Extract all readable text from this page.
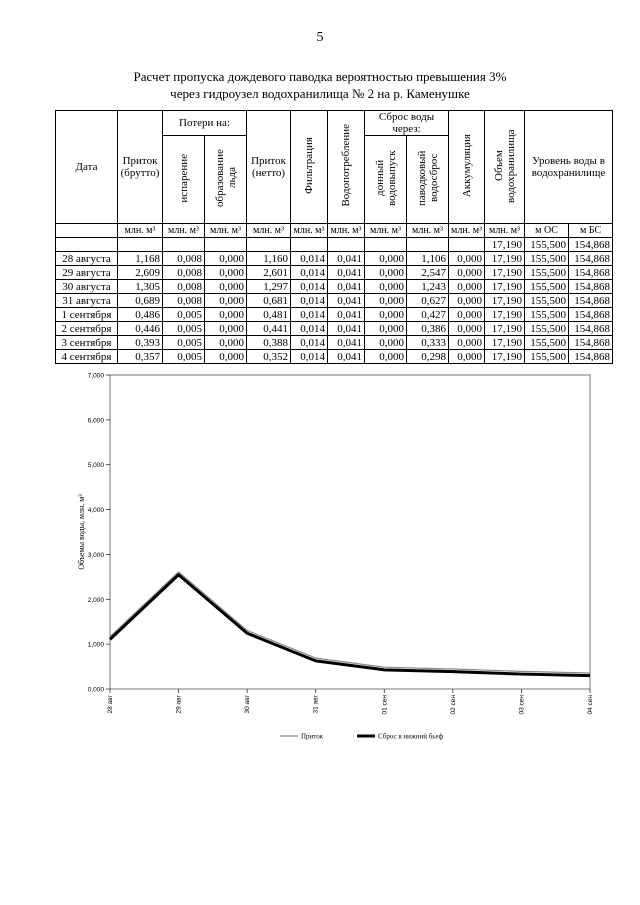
5
Расчет пропуска дождевого паводка вероятностью превышения 3%
через гидроузел водохранилища № 2 на р. Каменушке
Дата	Приток (брутто)	Потери на:		Приток (нетто)	Фильтрация	Водопотребление	Сброс воды через:		Аккумуляция	Объем водохранилища	Уровень воды в водохранилище	
		испарение	образование льда				донный водовыпуск	паводковый водосброс				
	млн. м³	млн. м³	млн. м³	млн. м³	млн. м³	млн. м³	млн. м³	млн. м³	млн. м³	млн. м³	м ОС	м БС
										17,190	155,500	154,868
28 августа	1,168	0,008	0,000	1,160	0,014	0,041	0,000	1,106	0,000	17,190	155,500	154,868
29 августа	2,609	0,008	0,000	2,601	0,014	0,041	0,000	2,547	0,000	17,190	155,500	154,868
30 августа	1,305	0,008	0,000	1,297	0,014	0,041	0,000	1,243	0,000	17,190	155,500	154,868
31 августа	0,689	0,008	0,000	0,681	0,014	0,041	0,000	0,627	0,000	17,190	155,500	154,868
1 сентября	0,486	0,005	0,000	0,481	0,014	0,041	0,000	0,427	0,000	17,190	155,500	154,868
2 сентября	0,446	0,005	0,000	0,441	0,014	0,041	0,000	0,386	0,000	17,190	155,500	154,868
3 сентября	0,393	0,005	0,000	0,388	0,014	0,041	0,000	0,333	0,000	17,190	155,500	154,868
4 сентября	0,357	0,005	0,000	0,352	0,014	0,041	0,000	0,298	0,000	17,190	155,500	154,868
0,000
1,000
2,000
3,000
4,000
5,000
6,000
7,000
28 авг	29 авг	30 авг	31 авг	01 сен	02 сен	03 сен	04 сен
Объемы воды, млн. м³
Приток	Сброс в нижний бьеф
